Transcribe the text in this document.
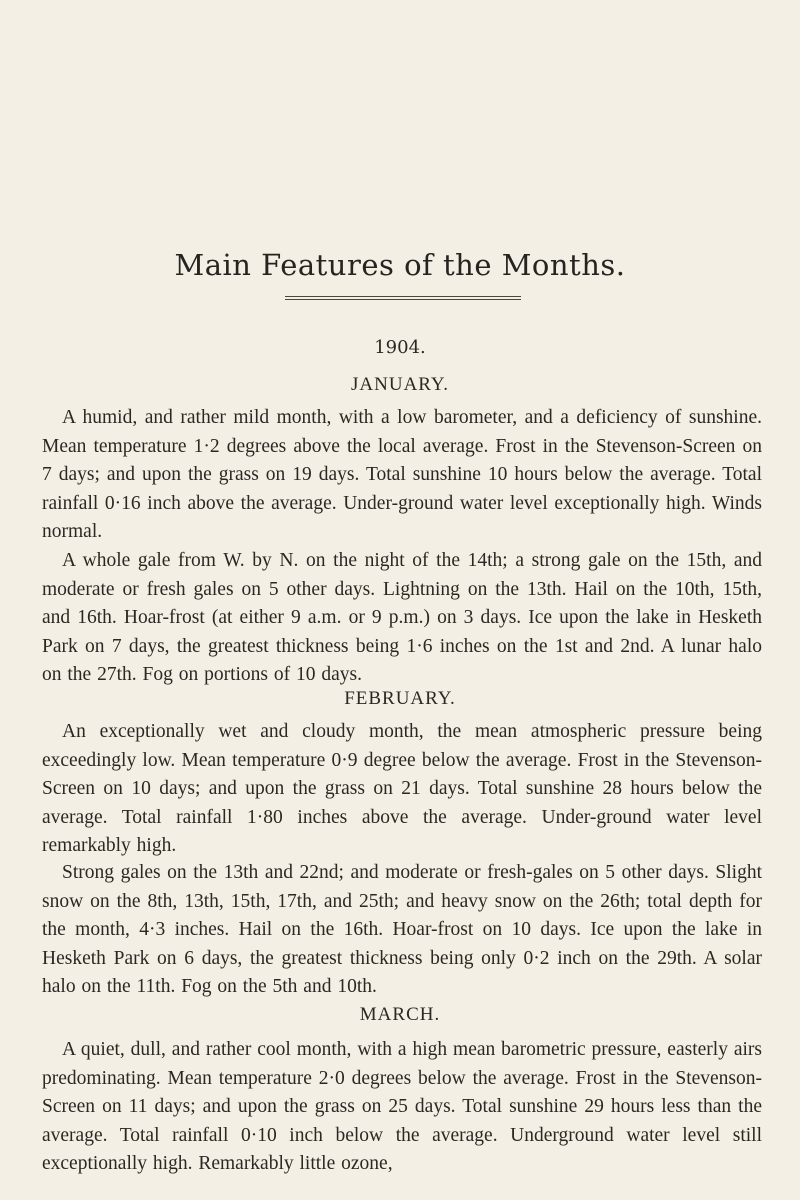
Main Features of the Months.
1904.
JANUARY.

A humid, and rather mild month, with a low barometer, and a deficiency of sunshine. Mean temperature 1·2 degrees above the local average. Frost in the Stevenson-Screen on 7 days; and upon the grass on 19 days. Total sunshine 10 hours below the average. Total rainfall 0·16 inch above the average. Under-ground water level exceptionally high. Winds normal.

A whole gale from W. by N. on the night of the 14th; a strong gale on the 15th, and moderate or fresh gales on 5 other days. Lightning on the 13th. Hail on the 10th, 15th, and 16th. Hoar-frost (at either 9 a.m. or 9 p.m.) on 3 days. Ice upon the lake in Hesketh Park on 7 days, the greatest thickness being 1·6 inches on the 1st and 2nd. A lunar halo on the 27th. Fog on portions of 10 days.

FEBRUARY.

An exceptionally wet and cloudy month, the mean atmospheric pressure being exceedingly low. Mean temperature 0·9 degree below the average. Frost in the Stevenson-Screen on 10 days; and upon the grass on 21 days. Total sunshine 28 hours below the average. Total rainfall 1·80 inches above the average. Under-ground water level remarkably high.

Strong gales on the 13th and 22nd; and moderate or fresh-gales on 5 other days. Slight snow on the 8th, 13th, 15th, 17th, and 25th; and heavy snow on the 26th; total depth for the month, 4·3 inches. Hail on the 16th. Hoar-frost on 10 days. Ice upon the lake in Hesketh Park on 6 days, the greatest thickness being only 0·2 inch on the 29th. A solar halo on the 11th. Fog on the 5th and 10th.

MARCH.

A quiet, dull, and rather cool month, with a high mean barometric pressure, easterly airs predominating. Mean temperature 2·0 degrees below the average. Frost in the Stevenson-Screen on 11 days; and upon the grass on 25 days. Total sunshine 29 hours less than the average. Total rainfall 0·10 inch below the average. Underground water level still exceptionally high. Remarkably little ozone,
